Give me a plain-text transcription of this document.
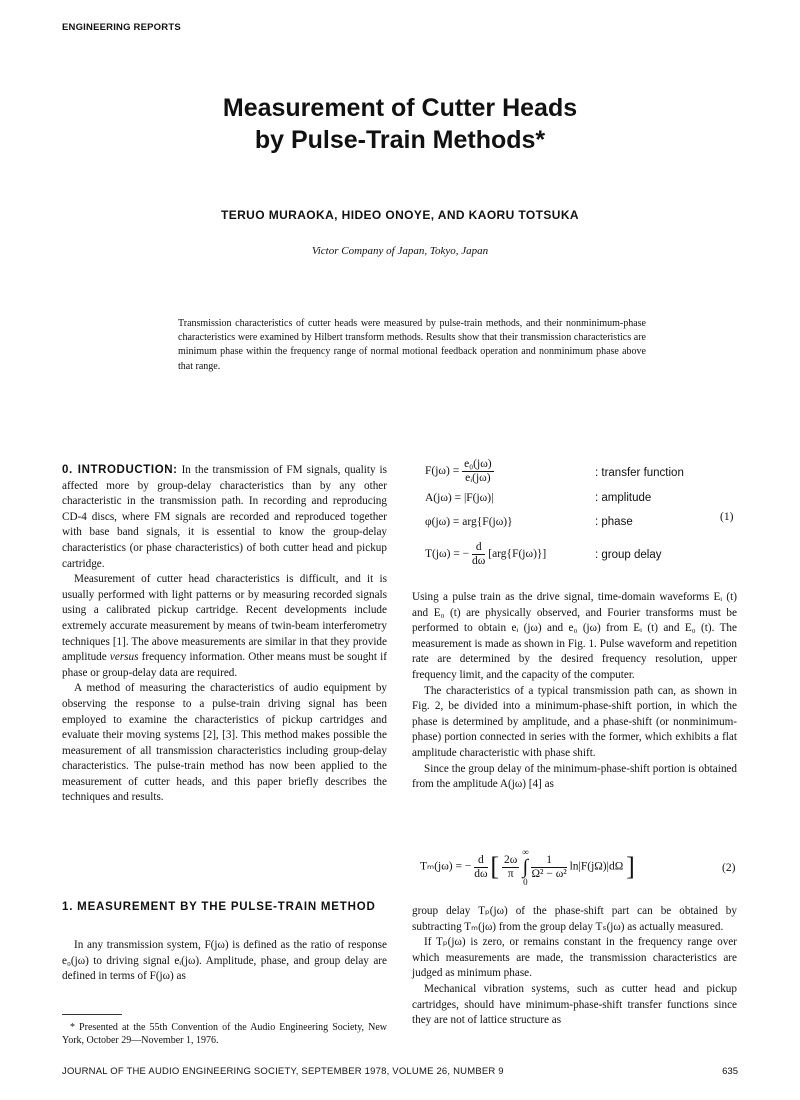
ENGINEERING REPORTS
Measurement of Cutter Heads
by Pulse-Train Methods*
TERUO MURAOKA, HIDEO ONOYE, AND KAORU TOTSUKA
Victor Company of Japan, Tokyo, Japan
Transmission characteristics of cutter heads were measured by pulse-train methods, and their nonminimum-phase characteristics were examined by Hilbert transform methods. Results show that their transmission characteristics are minimum phase within the frequency range of normal motional feedback operation and nonminimum phase above that range.

0. INTRODUCTION: In the transmission of FM signals, quality is affected more by group-delay characteristics than by any other characteristic in the transmission path. In recording and reproducing CD-4 discs, where FM signals are recorded and reproduced together with base band signals, it is essential to know the group-delay characteristics (or phase characteristics) of both cutter head and pickup cartridge.

Measurement of cutter head characteristics is difficult, and it is usually performed with light patterns or by measuring recorded signals using a calibrated pickup cartridge. Recent developments include extremely accurate measurement by means of twin-beam interferometry techniques [1]. The above measurements are similar in that they provide amplitude versus frequency information. Other means must be sought if phase or group-delay data are required.

A method of measuring the characteristics of audio equipment by observing the response to a pulse-train driving signal has been employed to examine the characteristics of pickup cartridges and evaluate their moving systems [2], [3]. This method makes possible the measurement of all transmission characteristics including group-delay characteristics. The pulse-train method has now been applied to the measurement of cutter heads, and this paper briefly describes the techniques and results.

1. MEASUREMENT BY THE PULSE-TRAIN METHOD

In any transmission system, F(jω) is defined as the ratio of response e₀(jω) to driving signal eᵢ(jω). Amplitude, phase, and group delay are defined in terms of F(jω) as

* Presented at the 55th Convention of the Audio Engineering Society, New York, October 29—November 1, 1976.
$F(j\omega) = \frac{\text{e₀(jω)}}{\text{eᵢ(jω)}}$	: transfer function
A(jω) = |F(jω)|	: amplitude
φ(jω) = arg{F(jω)}	: phase	(1)
T(jω) = − $\frac{d}{d\omega} [arg\{F(j\omega)\}]$	: group delay

Using a pulse train as the drive signal, time-domain waveforms Eᵢ (t) and E₀ (t) are physically observed, and Fourier transforms must be performed to obtain eᵢ (jω) and e₀ (jω) from Eᵢ (t) and E₀ (t). The measurement is made as shown in Fig. 1. Pulse waveform and repetition rate are determined by the desired frequency resolution, upper frequency limit, and the capacity of the computer.

The characteristics of a typical transmission path can, as shown in Fig. 2, be divided into a minimum-phase-shift portion, in which the phase is determined by amplitude, and a phase-shift (or nonminimum-phase) portion connected in series with the former, which exhibits a flat amplitude characteristic with phase shift.

Since the group delay of the minimum-phase-shift portion is obtained from the amplitude A(jω) [4] as

Tₘ(jω) = − $\frac{d}{d\omega}$ [ $\frac{2\omega}{\pi}$

∞
∫
0

$\frac{1}{\text{Ω² − ω²}} \ln|F(j\Omega)|d\Omega$ ]	(2)

group delay Tₚ(jω) of the phase-shift part can be obtained by subtracting Tₘ(jω) from the group delay Tₛ(jω) as actually measured.

If Tₚ(jω) is zero, or remains constant in the frequency range over which measurements are made, the transmission characteristics are judged as minimum phase.

Mechanical vibration systems, such as cutter head and pickup cartridges, should have minimum-phase-shift transfer functions since they are not of lattice structure as

JOURNAL OF THE AUDIO ENGINEERING SOCIETY, SEPTEMBER 1978, VOLUME 26, NUMBER 9	635
